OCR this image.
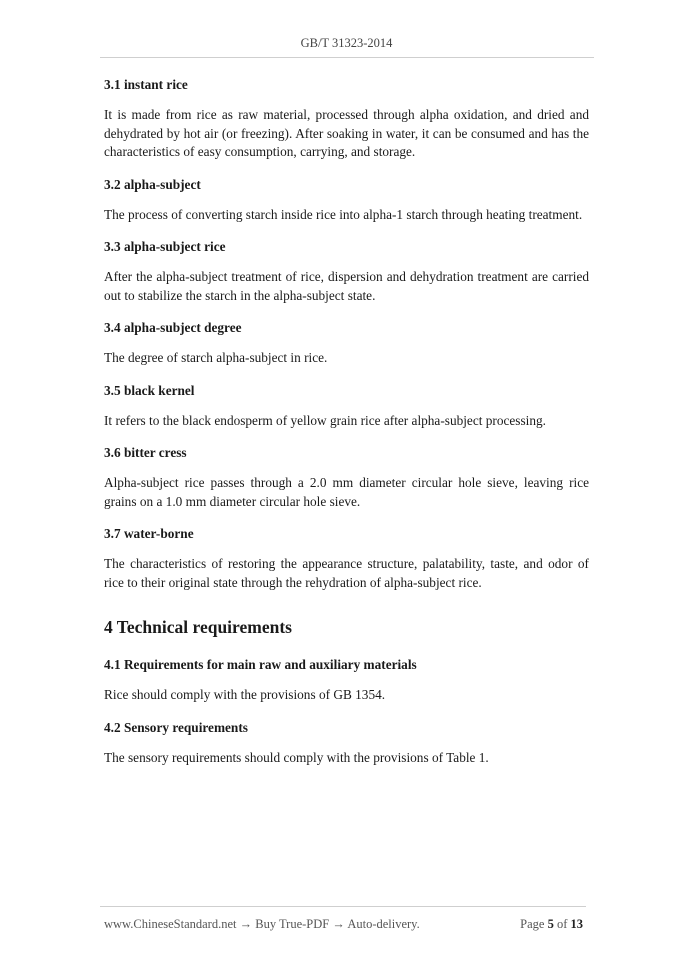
GB/T 31323-2014

3.1 instant rice

It is made from rice as raw material, processed through alpha oxidation, and dried and dehydrated by hot air (or freezing). After soaking in water, it can be consumed and has the characteristics of easy consumption, carrying, and storage.

3.2 alpha-subject

The process of converting starch inside rice into alpha-1 starch through heating treatment.

3.3 alpha-subject rice

After the alpha-subject treatment of rice, dispersion and dehydration treatment are carried out to stabilize the starch in the alpha-subject state.

3.4 alpha-subject degree

The degree of starch alpha-subject in rice.

3.5 black kernel

It refers to the black endosperm of yellow grain rice after alpha-subject processing.

3.6 bitter cress

Alpha-subject rice passes through a 2.0 mm diameter circular hole sieve, leaving rice grains on a 1.0 mm diameter circular hole sieve.

3.7 water-borne

The characteristics of restoring the appearance structure, palatability, taste, and odor of rice to their original state through the rehydration of alpha-subject rice.

4 Technical requirements

4.1 Requirements for main raw and auxiliary materials

Rice should comply with the provisions of GB 1354.

4.2 Sensory requirements

The sensory requirements should comply with the provisions of Table 1.

www.ChineseStandard.net → Buy True-PDF → Auto-delivery.	Page 5 of 13
